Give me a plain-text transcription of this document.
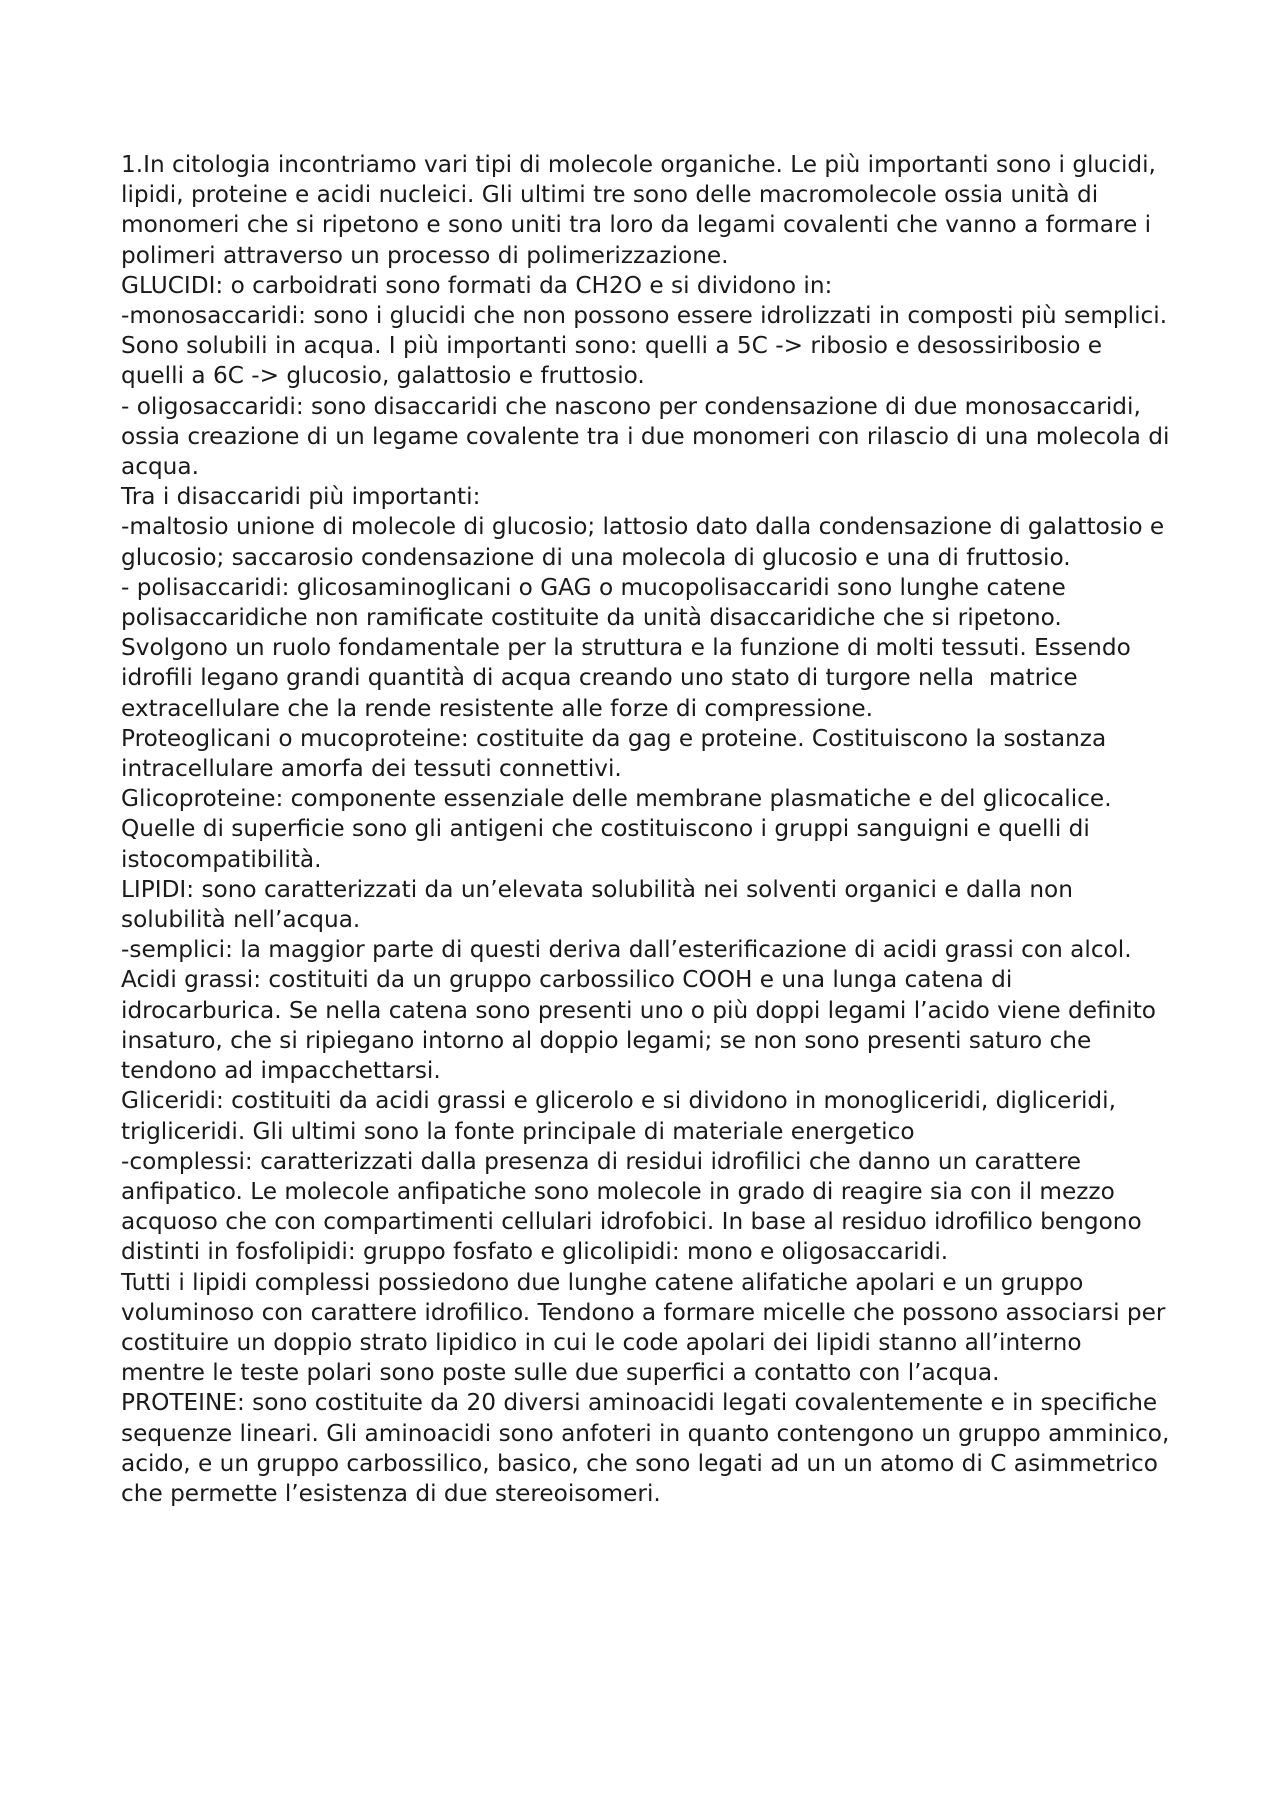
1.In citologia incontriamo vari tipi di molecole organiche. Le più importanti sono i glucidi, lipidi, proteine e acidi nucleici. Gli ultimi tre sono delle macromolecole ossia unità di monomeri che si ripetono e sono uniti tra loro da legami covalenti che vanno a formare i polimeri attraverso un processo di polimerizzazione.

GLUCIDI: o carboidrati sono formati da CH2O e si dividono in:

-monosaccaridi: sono i glucidi che non possono essere idrolizzati in composti più semplici. Sono solubili in acqua. I più importanti sono: quelli a 5C -> ribosio e desossiribosio e quelli a 6C -> glucosio, galattosio e fruttosio.

- oligosaccaridi: sono disaccaridi che nascono per condensazione di due monosaccaridi, ossia creazione di un legame covalente tra i due monomeri con rilascio di una molecola di acqua.

Tra i disaccaridi più importanti:

-maltosio unione di molecole di glucosio; lattosio dato dalla condensazione di galattosio e glucosio; saccarosio condensazione di una molecola di glucosio e una di fruttosio.

- polisaccaridi: glicosaminoglicani o GAG o mucopolisaccaridi sono lunghe catene polisaccaridiche non ramificate costituite da unità disaccaridiche che si ripetono. Svolgono un ruolo fondamentale per la struttura e la funzione di molti tessuti. Essendo idrofili legano grandi quantità di acqua creando uno stato di turgore nella  matrice extracellulare che la rende resistente alle forze di compressione.

Proteoglicani o mucoproteine: costituite da gag e proteine. Costituiscono la sostanza intracellulare amorfa dei tessuti connettivi.

Glicoproteine: componente essenziale delle membrane plasmatiche e del glicocalice. Quelle di superficie sono gli antigeni che costituiscono i gruppi sanguigni e quelli di istocompatibilità.

LIPIDI: sono caratterizzati da un’elevata solubilità nei solventi organici e dalla non solubilità nell’acqua.

-semplici: la maggior parte di questi deriva dall’esterificazione di acidi grassi con alcol.

Acidi grassi: costituiti da un gruppo carbossilico COOH e una lunga catena di idrocarburica. Se nella catena sono presenti uno o più doppi legami l’acido viene definito insaturo, che si ripiegano intorno al doppio legami; se non sono presenti saturo che tendono ad impacchettarsi.

Gliceridi: costituiti da acidi grassi e glicerolo e si dividono in monogliceridi, digliceridi, trigliceridi. Gli ultimi sono la fonte principale di materiale energetico

-complessi: caratterizzati dalla presenza di residui idrofilici che danno un carattere anfipatico. Le molecole anfipatiche sono molecole in grado di reagire sia con il mezzo acquoso che con compartimenti cellulari idrofobici. In base al residuo idrofilico bengono distinti in fosfolipidi: gruppo fosfato e glicolipidi: mono e oligosaccaridi.

Tutti i lipidi complessi possiedono due lunghe catene alifatiche apolari e un gruppo voluminoso con carattere idrofilico. Tendono a formare micelle che possono associarsi per costituire un doppio strato lipidico in cui le code apolari dei lipidi stanno all’interno mentre le teste polari sono poste sulle due superfici a contatto con l’acqua.

PROTEINE: sono costituite da 20 diversi aminoacidi legati covalentemente e in specifiche sequenze lineari. Gli aminoacidi sono anfoteri in quanto contengono un gruppo amminico, acido, e un gruppo carbossilico, basico, che sono legati ad un un atomo di C asimmetrico che permette l’esistenza di due stereoisomeri.
